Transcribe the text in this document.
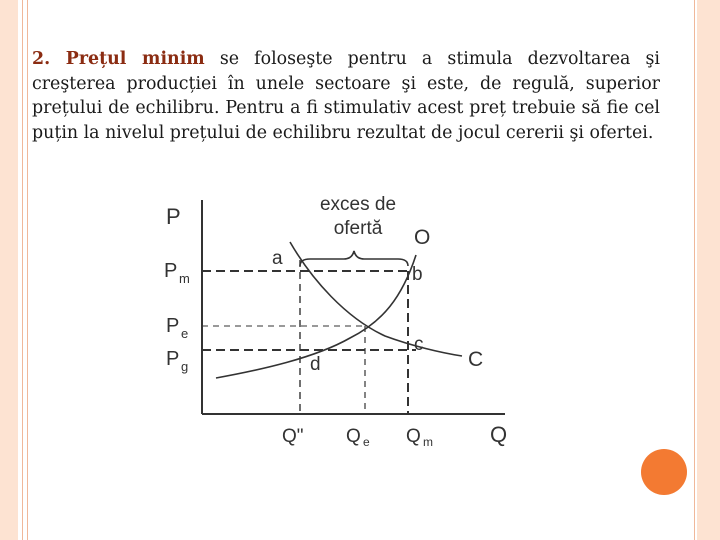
2. Prețul minim se foloseşte pentru a stimula dezvoltarea şi creşterea producției în unele sectoare şi este, de regulă, superior prețului de echilibru. Pentru a fi stimulativ acest preț trebuie să fie cel puțin la nivelul prețului de echilibru rezultat de jocul cererii şi ofertei.

exces de
ofertă
P
Q
P m
P e
P g
Q" Q e Q m
a
b
c
d
O
C
